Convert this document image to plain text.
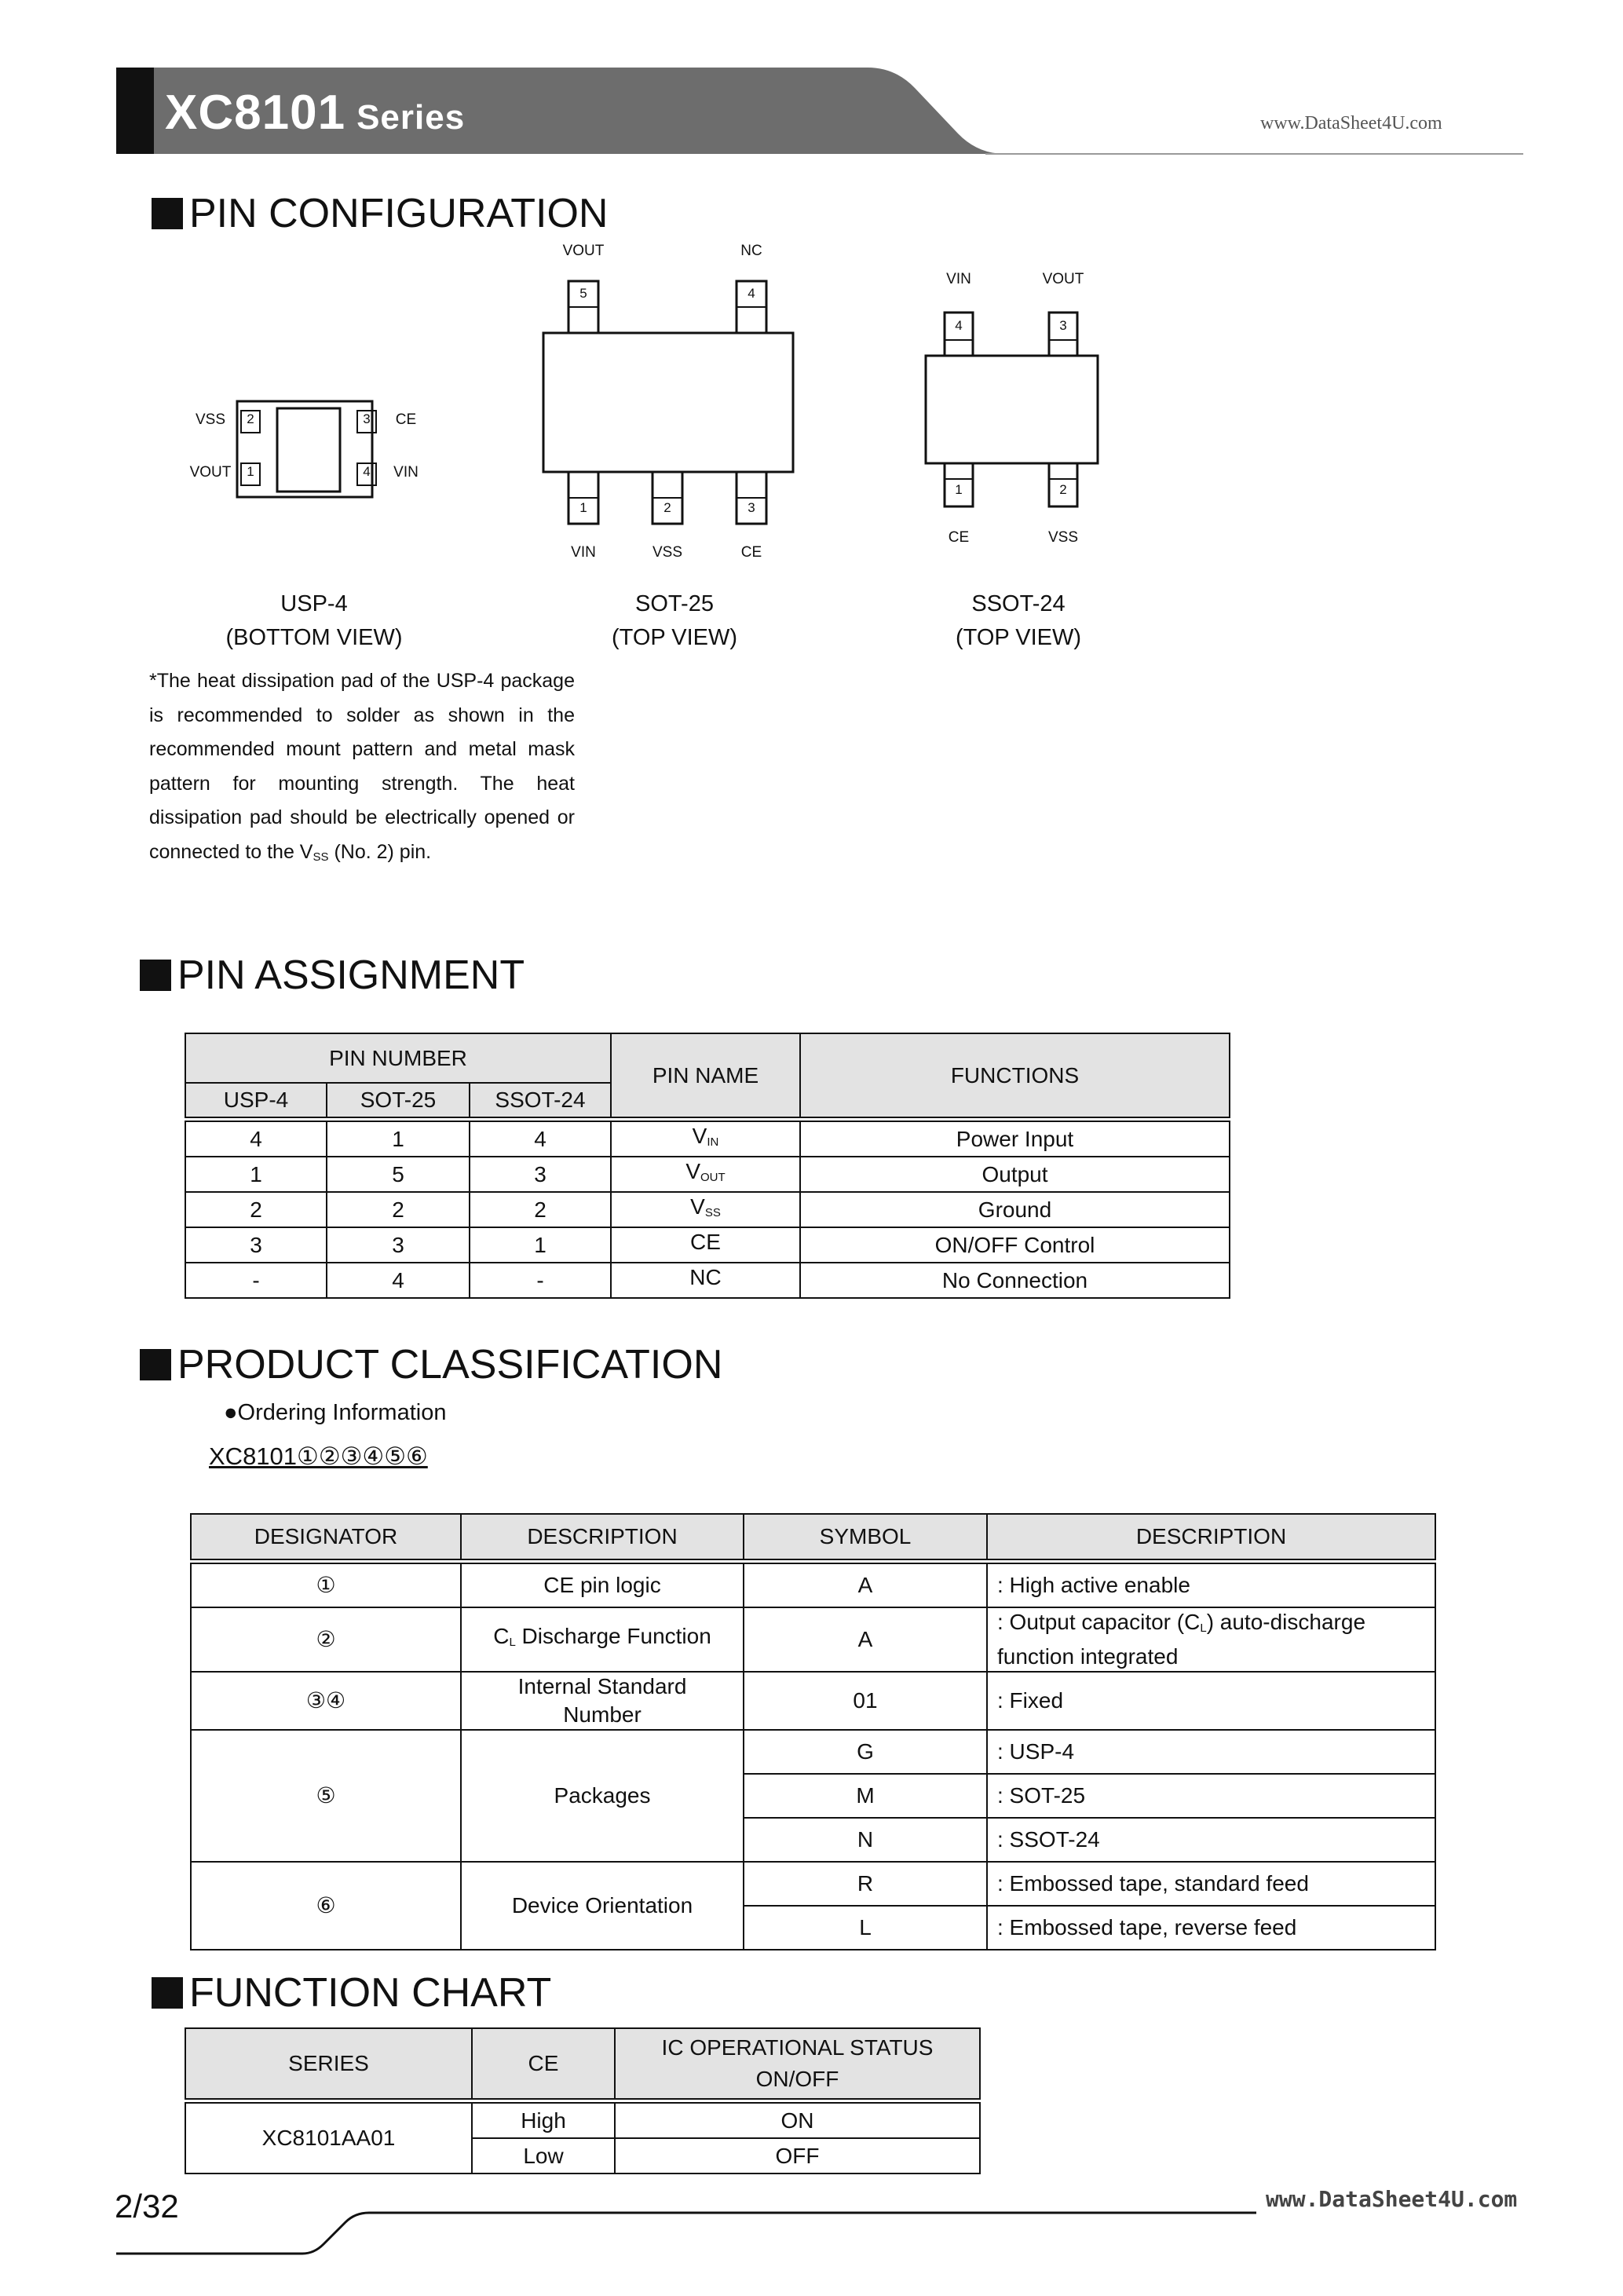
XC8101 Series	www.DataSheet4U.com
PIN CONFIGURATION
2
1
3
4
VSS
VOUT
CE
VIN
VOUT	NC
5	4
1	2	3
VIN	VSS	CE
VIN	VOUT
4	3
1	2
CE	VSS
USP-4
(BOTTOM VIEW)
SOT-25
(TOP VIEW)
SSOT-24
(TOP VIEW)
*The heat dissipation pad of the USP-4 package is recommended to solder as shown in the recommended mount pattern and metal mask pattern for mounting strength. The heat dissipation pad should be electrically opened or connected to the $V_{SS}$ (No. 2) pin.
PIN ASSIGNMENT
PIN NUMBER			PIN NAME	FUNCTIONS
USP-4	SOT-25	SSOT-24		

4	1	4	$V_{IN}$	Power Input
1	5	3	$V_{OUT}$	Output
2	2	2	$V_{SS}$	Ground
3	3	1	CE	ON/OFF Control
-	4	-	NC	No Connection
PRODUCT CLASSIFICATION
●Ordering Information
XC8101①②③④⑤⑥
DESIGNATOR	DESCRIPTION	SYMBOL	DESCRIPTION

①	CE pin logic	A	: High active enable
②	$C_L$ Discharge Function	A	: Output capacitor $(C_L)$ auto-discharge
function integrated
③④	Internal Standard
Number	01	: Fixed
⑤	Packages	G	: USP-4
		M	: SOT-25
		N	: SSOT-24
⑥	Device Orientation	R	: Embossed tape, standard feed
		L	: Embossed tape, reverse feed
FUNCTION CHART
SERIES	CE	IC OPERATIONAL STATUS
ON/OFF

XC8101AA01	High	ON
	Low	OFF
2/32	www.DataSheet4U.com
